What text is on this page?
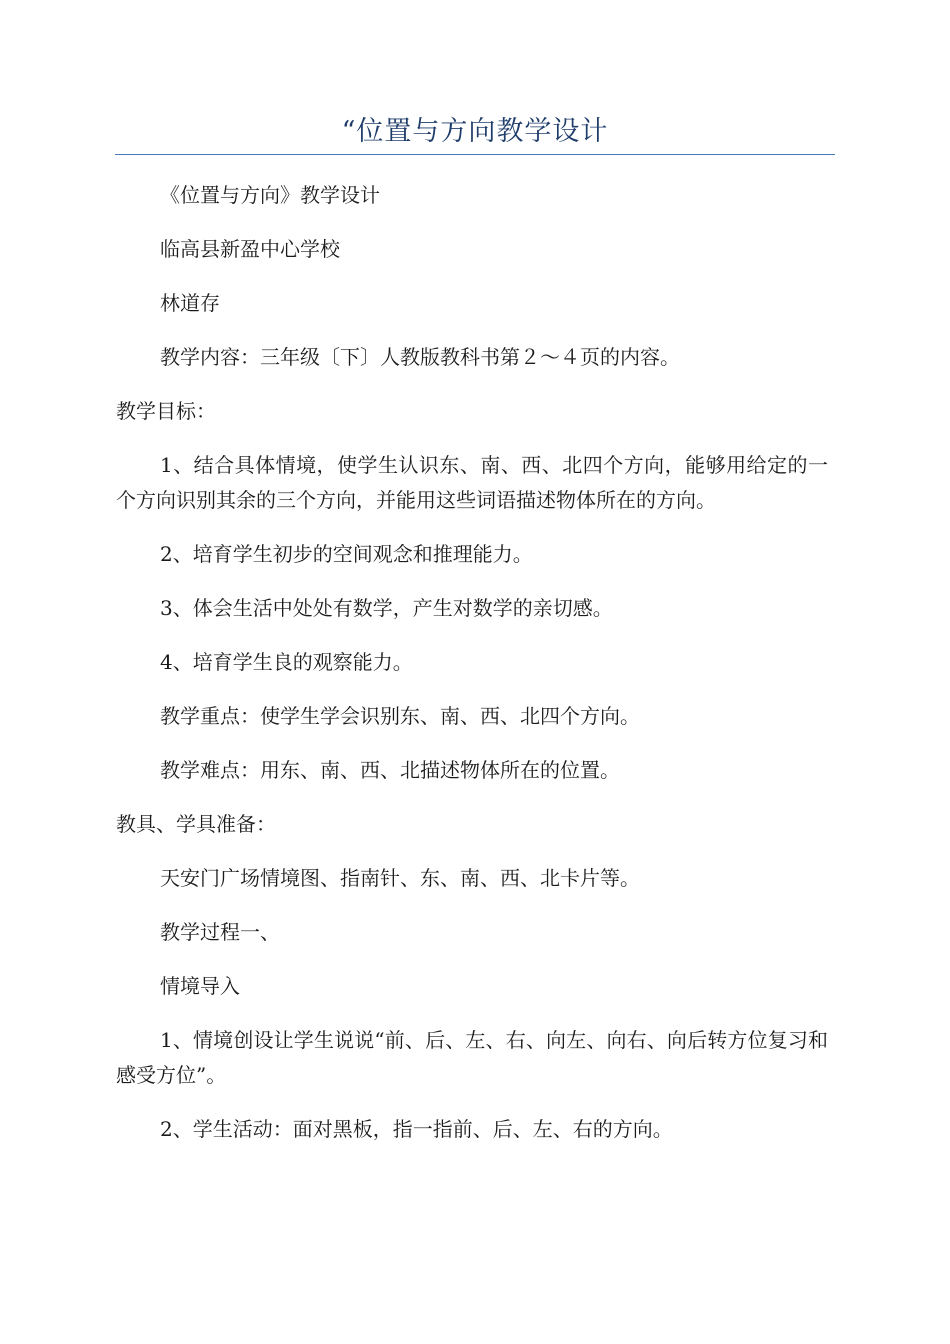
“位置与方向教学设计

《位置与方向》教学设计

临高县新盈中心学校

林道存

教学内容：三年级〔下〕人教版教科书第２～４页的内容。

教学目标：

1、结合具体情境，使学生认识东、南、西、北四个方向，能够用给定的一个方向识别其余的三个方向，并能用这些词语描述物体所在的方向。

2、培育学生初步的空间观念和推理能力。

3、体会生活中处处有数学，产生对数学的亲切感。

4、培育学生良的观察能力。

教学重点：使学生学会识别东、南、西、北四个方向。

教学难点：用东、南、西、北描述物体所在的位置。

教具、学具准备：

天安门广场情境图、指南针、东、南、西、北卡片等。

教学过程一、

情境导入

1、情境创设让学生说说“前、后、左、右、向左、向右、向后转方位复习和感受方位”。

2、学生活动：面对黑板，指一指前、后、左、右的方向。
